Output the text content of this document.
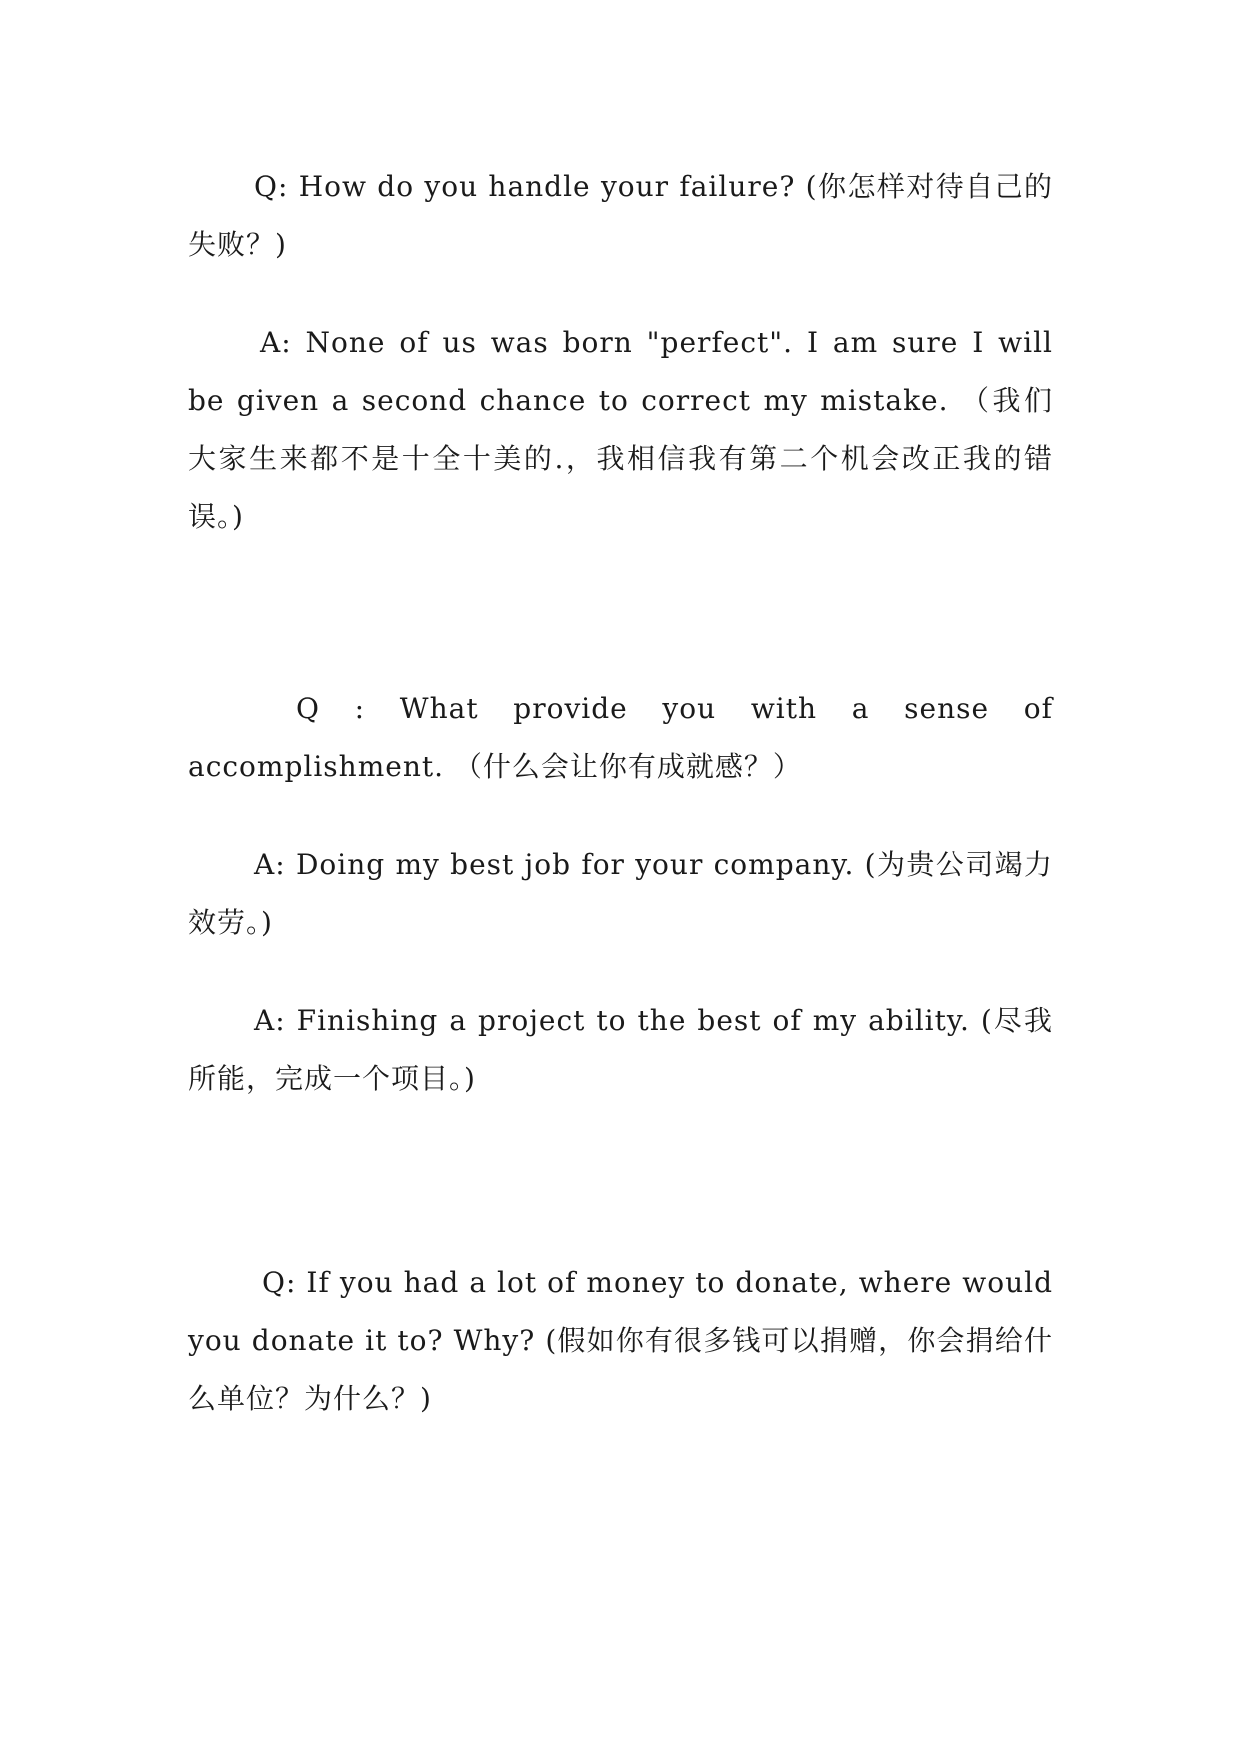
Q: How do you handle your failure? (你怎样对待自己的失败？)

A: None of us was born "perfect". I am sure I will be given a second chance to correct my mistake. （我们大家生来都不是十全十美的.，我相信我有第二个机会改正我的错误。)

Q : What provide you with a sense of accomplishment. （什么会让你有成就感？）

A: Doing my best job for your company. (为贵公司竭力效劳。)

A: Finishing a project to the best of my ability. (尽我所能，完成一个项目。)

Q: If you had a lot of money to donate, where would you donate it to? Why? (假如你有很多钱可以捐赠，你会捐给什么单位？为什么？)
